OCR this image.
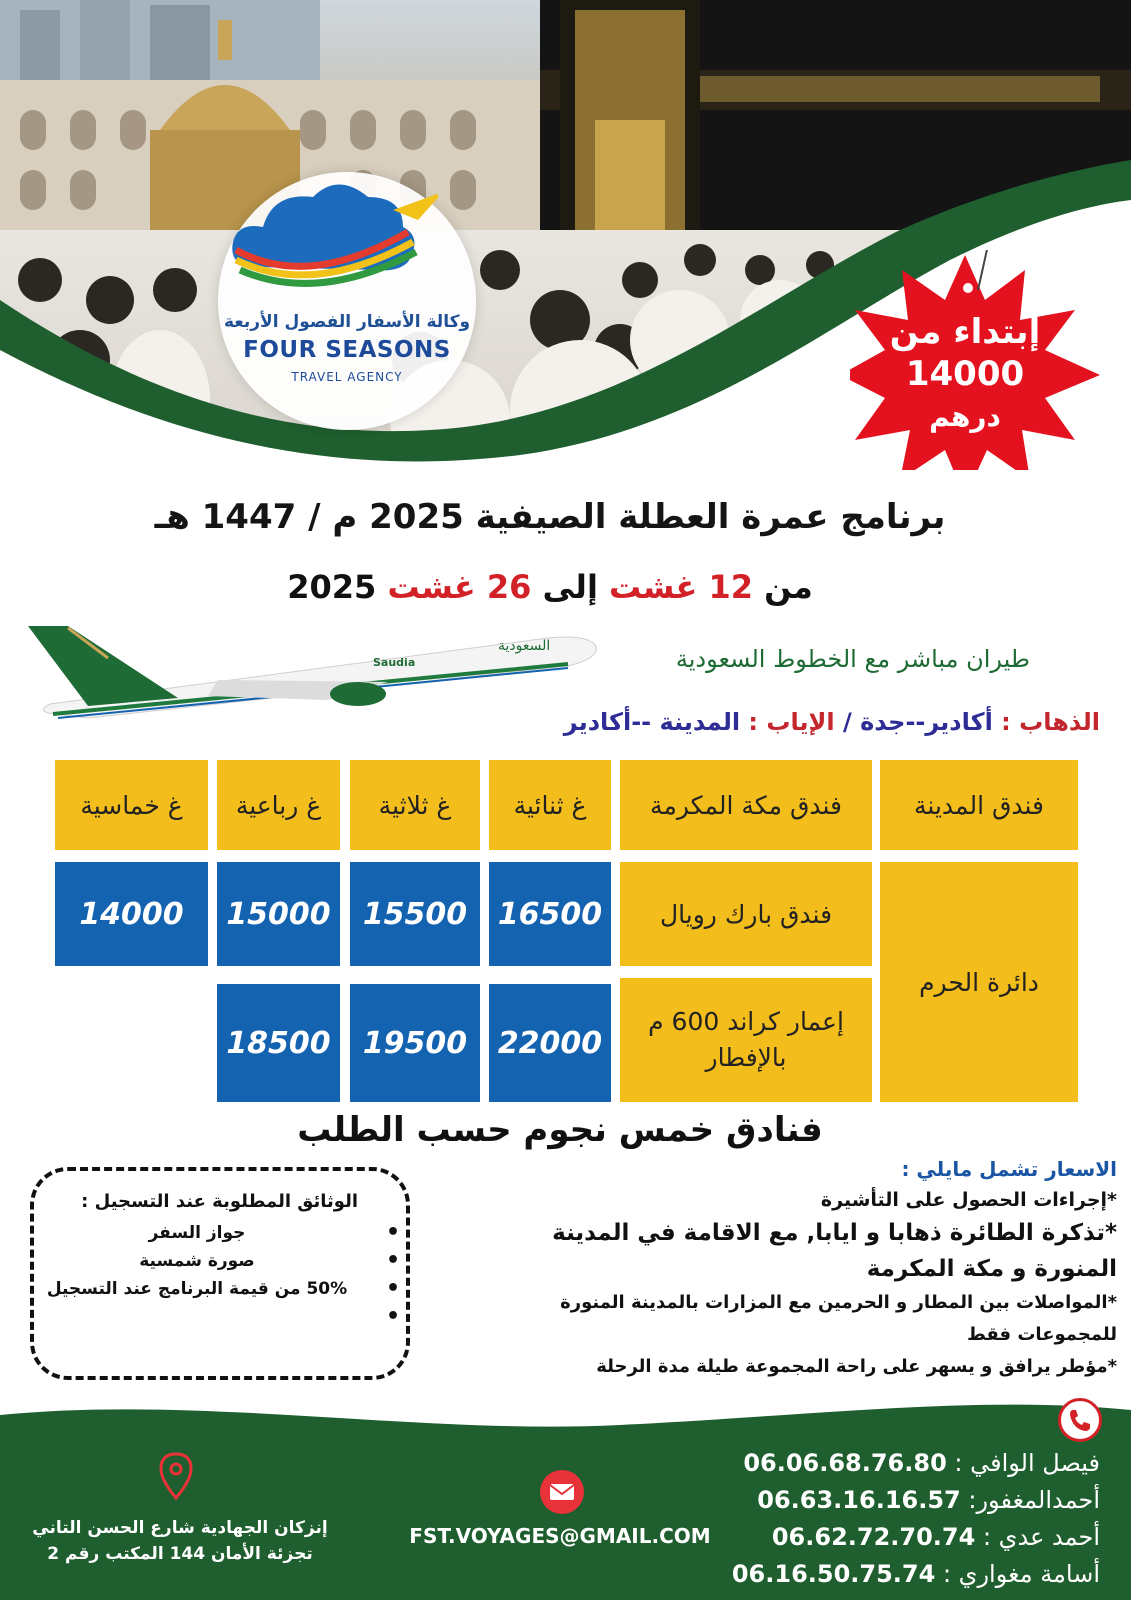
وكالة الأسفار الفصول الأربعة
FOUR SEASONS
TRAVEL AGENCY
إبتداء من
14000
درهم
برنامج عمرة العطلة الصيفية 2025 م / 1447 هـ
من 12 غشت إلى 26 غشت 2025
السعودية
Saudia	طيران مباشر مع الخطوط السعودية
الذهاب : أكادير--جدة / الإياب : المدينة --أكادير
فندق المدينة
فندق مكة المكرمة
غ ثنائية
غ ثلاثية
غ رباعية
غ خماسية
دائرة الحرم
فندق بارك رويال
16500
15500
15000
14000
إعمار كراند 600 م بالإفطار
22000
19500
18500
فنادق خمس نجوم حسب الطلب
الوثائق المطلوبة عند التسجيل :
جواز السفر •
صورة شمسية •
50% من قيمة البرنامج عند التسجيل •
•
الاسعار تشمل مايلي :
*إجراءات الحصول على التأشيرة
*تذكرة الطائرة ذهابا و ايابا, مع الاقامة في المدينة المنورة و مكة المكرمة
*المواصلات بين المطار و الحرمين مع المزارات بالمدينة المنورة للمجموعات فقط
*مؤطر يرافق و يسهر على راحة المجموعة طيلة مدة الرحلة
فيصل الوافي : 06.06.68.76.80
أحمدالمغفور: 06.63.16.16.57
أحمد عدي : 06.62.72.70.74
أسامة مغواري : 06.16.50.75.74
FST.VOYAGES@GMAIL.COM
إنزكان الجهادية شارع الحسن التاني
تجزئة الأمان 144 المكتب رقم 2
